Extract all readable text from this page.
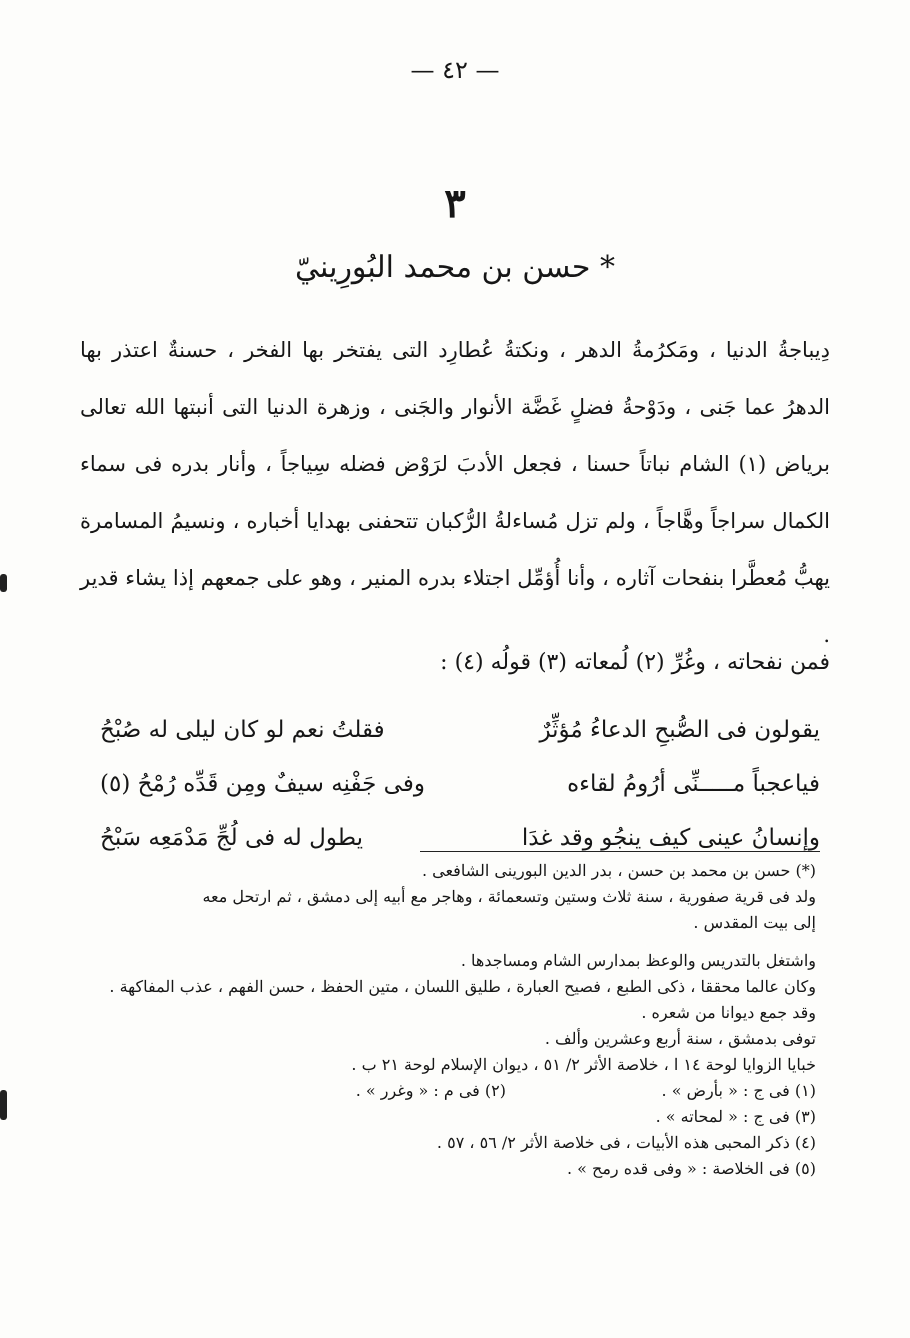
— ٤٢ —
٣
حسن بن محمد البُورِينيّ *
دِيباجةُ الدنيا ، ومَكرُمةُ الدهر ، ونكتةُ عُطارِد التى يفتخر بها الفخر ، حسنةٌ اعتذر بها الدهرُ عما جَنى ، ودَوْحةُ فضلٍ غَضَّة الأنوار والجَنى ، وزهرة الدنيا التى أنبتها الله تعالى برياض (١) الشام نباتاً حسنا ، فجعل الأدبَ لرَوْض فضله سِياجاً ، وأنار بدره فى سماء الكمال سراجاً وهَّاجاً ، ولم تزل مُساءلةُ الرُّكبان تتحفنى بهدايا أخباره ، ونسيمُ المسامرة يهبُّ مُعطَّرا بنفحات آثاره ، وأنا أُؤمِّل اجتلاء بدره المنير ، وهو على جمعهم إذا يشاء قدير .
فمن نفحاته ، وغُرِّ (٢) لُمعاته (٣) قولُه (٤) :
يقولون فى الصُّبحِ الدعاءُ مُؤثِّرٌ
فقلتُ نعم لو كان ليلى له صُبْحُ
فياعجباً مـــــنِّى أرُومُ لقاءه
وفى جَفْنِه سيفٌ ومِن قَدِّه رُمْحُ (٥)
وإنسانُ عينى كيف ينجُو وقد غدَا
يطول له فى لُجِّ مَدْمَعِه سَبْحُ
(*) حسن بن محمد بن حسن ، بدر الدين البورينى الشافعى .
ولد فى قرية صفورية ، سنة ثلاث وستين وتسعمائة ، وهاجر مع أبيه إلى دمشق ، ثم ارتحل معه
إلى بيت المقدس .
واشتغل بالتدريس والوعظ بمدارس الشام ومساجدها .
وكان عالما محققا ، ذكى الطبع ، فصيح العبارة ، طليق اللسان ، متين الحفظ ، حسن الفهم ، عذب المفاكهة .
وقد جمع ديوانا من شعره .
توفى بدمشق ، سنة أربع وعشرين وألف .
خبايا الزوايا لوحة ١٤ ا ، خلاصة الأثر ٢/ ٥١ ، ديوان الإسلام لوحة ٢١ ب .
(١) فى ج : « بأرض » .
(٢) فى م : « وغرر » .
(٣) فى ج : « لمحاته » .
(٤) ذكر المحبى هذه الأبيات ، فى خلاصة الأثر ٢/ ٥٦ ، ٥٧ .
(٥) فى الخلاصة : « وفى قده رمح » .
